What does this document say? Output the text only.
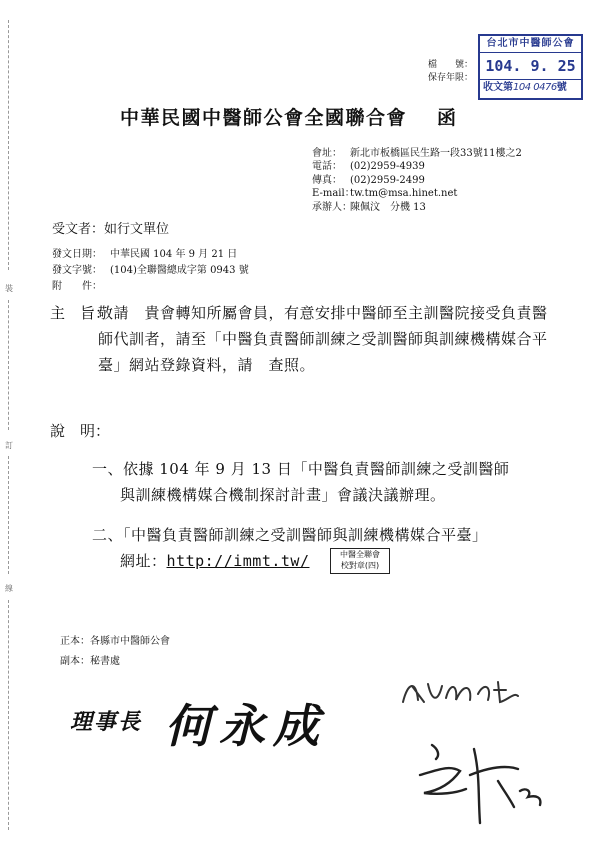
裝
訂
線
檔　　號：
保存年限：
台北市中醫師公會
104. 9. 25
收文第104 0476號
中華民國中醫師公會全國聯合會 函
會址： 新北市板橋區民生路一段33號11樓之2
電話： (02)2959-4939
傳真： (02)2959-2499
E-mail：tw.tm@msa.hinet.net
承辦人：陳佩汶　分機 13
受文者：如行文單位
發文日期： 中華民國 104 年 9 月 21 日
發文字號： (104)全聯醫總成字第 0943 號
附　　件：
主　旨：
敬請　貴會轉知所屬會員，有意安排中醫師至主訓醫院接受負責醫師代訓者，請至「中醫負責醫師訓練之受訓醫師與訓練機構媒合平臺」網站登錄資料，請　查照。
說　明：
一、依據 104 年 9 月 13 日「中醫負責醫師訓練之受訓醫師
與訓練機構媒合機制探討計畫」會議決議辦理。
二、「中醫負責醫師訓練之受訓醫師與訓練機構媒合平臺」
網址：http://immt.tw/	中醫全聯會
校對章(四)
正本：各縣市中醫師公會
副本：秘書處
理事長 何永成
